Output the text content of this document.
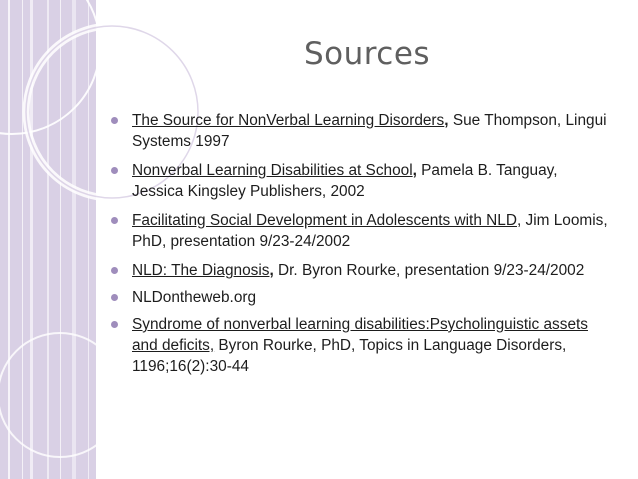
Sources
The Source for NonVerbal Learning Disorders, Sue Thompson, Lingui Systems 1997
Nonverbal Learning Disabilities at School, Pamela B. Tanguay, Jessica Kingsley Publishers, 2002
Facilitating Social Development in Adolescents with NLD, Jim Loomis, PhD, presentation 9/23-24/2002
NLD: The Diagnosis, Dr. Byron Rourke, presentation 9/23-24/2002
NLDontheweb.org
Syndrome of nonverbal learning disabilities:Psycholinguistic assets and deficits, Byron Rourke, PhD, Topics in Language Disorders, 1196;16(2):30-44
